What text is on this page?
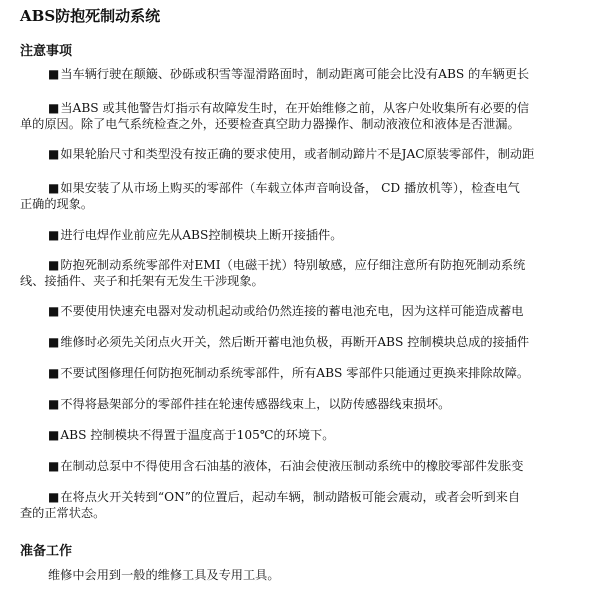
ABS防抱死制动系统
注意事项
■当车辆行驶在颠簸、砂砾或积雪等湿滑路面时，制动距离可能会比没有ABS 的车辆更长
■当ABS 或其他警告灯指示有故障发生时，在开始维修之前，从客户处收集所有必要的信
单的原因。除了电气系统检查之外，还要检查真空助力器操作、制动液液位和液体是否泄漏。
■如果轮胎尺寸和类型没有按正确的要求使用，或者制动蹄片不是JAC原装零部件，制动距
■如果安装了从市场上购买的零部件（车载立体声音响设备， CD 播放机等），检查电气
正确的现象。
■进行电焊作业前应先从ABS控制模块上断开接插件。
■防抱死制动系统零部件对EMI（电磁干扰）特别敏感，应仔细注意所有防抱死制动系统
线、接插件、夹子和托架有无发生干涉现象。
■不要使用快速充电器对发动机起动或给仍然连接的蓄电池充电，因为这样可能造成蓄电
■维修时必须先关闭点火开关，然后断开蓄电池负极，再断开ABS 控制模块总成的接插件
■不要试图修理任何防抱死制动系统零部件，所有ABS 零部件只能通过更换来排除故障。
■不得将悬架部分的零部件挂在轮速传感器线束上，以防传感器线束损坏。
■ABS 控制模块不得置于温度高于105℃的环境下。
■在制动总泵中不得使用含石油基的液体，石油会使液压制动系统中的橡胶零部件发胀变
■在将点火开关转到“ON”的位置后，起动车辆，制动踏板可能会震动，或者会听到来自
查的正常状态。
准备工作
维修中会用到一般的维修工具及专用工具。
